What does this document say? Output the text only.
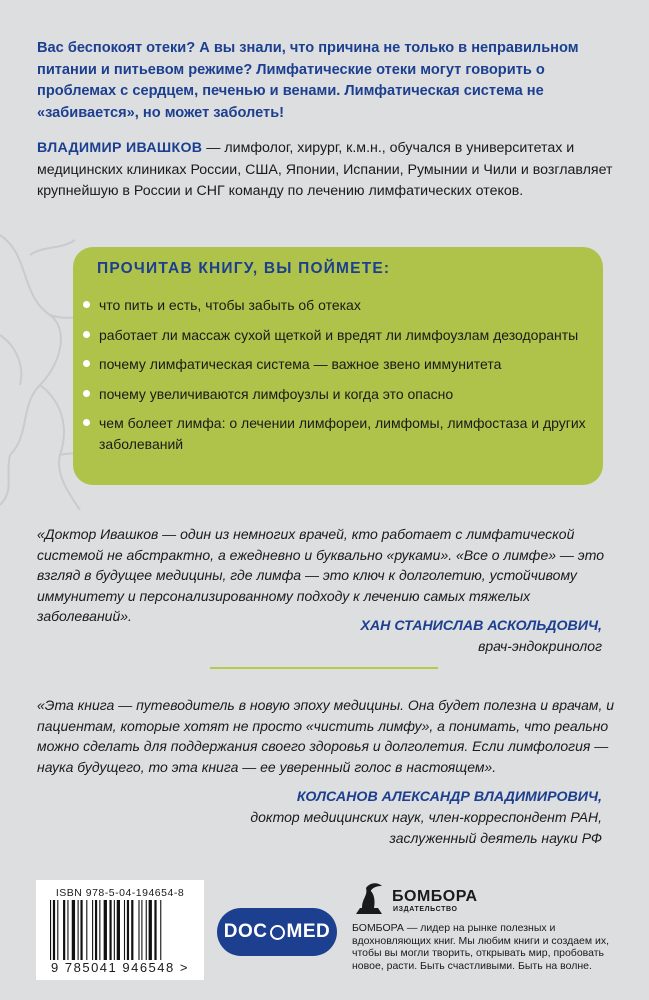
Вас беспокоят отеки? А вы знали, что причина не только в неправильном питании и питьевом режиме? Лимфатические отеки могут говорить о проблемах с сердцем, печенью и венами. Лимфатическая система не «забивается», но может заболеть!

ВЛАДИМИР ИВАШКОВ — лимфолог, хирург, к.м.н., обучался в университетах и медицинских клиниках России, США, Японии, Испании, Румынии и Чили и возглавляет крупнейшую в России и СНГ команду по лечению лимфатических отеков.

ПРОЧИТАВ КНИГУ, ВЫ ПОЙМЕТЕ:
что пить и есть, чтобы забыть об отеках
работает ли массаж сухой щеткой и вредят ли лимфоузлам дезодоранты
почему лимфатическая система — важное звено иммунитета
почему увеличиваются лимфоузлы и когда это опасно
чем болеет лимфа: о лечении лимфореи, лимфомы, лимфостаза и других заболеваний

«Доктор Ивашков — один из немногих врачей, кто работает с лимфатической системой не абстрактно, а ежедневно и буквально «руками». «Все о лимфе» — это взгляд в будущее медицины, где лимфа — это ключ к долголетию, устойчивому иммунитету и персонализированному подходу к лечению самых тяжелых заболеваний».

ХАН СТАНИСЛАВ АСКОЛЬДОВИЧ,
врач-эндокринолог

«Эта книга — путеводитель в новую эпоху медицины. Она будет полезна и врачам, и пациентам, которые хотят не просто «чистить лимфу», а понимать, что реально можно сделать для поддержания своего здоровья и долголетия. Если лимфология — наука будущего, то эта книга — ее уверенный голос в настоящем».

КОЛСАНОВ АЛЕКСАНДР ВЛАДИМИРОВИЧ,
доктор медицинских наук, член-корреспондент РАН, заслуженный деятель науки РФ
ISBN 978-5-04-194654-8
9 785041 946548 >
DOC MED
БОМБОРА
ИЗДАТЕЛЬСТВО
БОМБОРА — лидер на рынке полезных и вдохновляющих книг. Мы любим книги и создаем их, чтобы вы могли творить, открывать мир, пробовать новое, расти. Быть счастливыми. Быть на волне.
